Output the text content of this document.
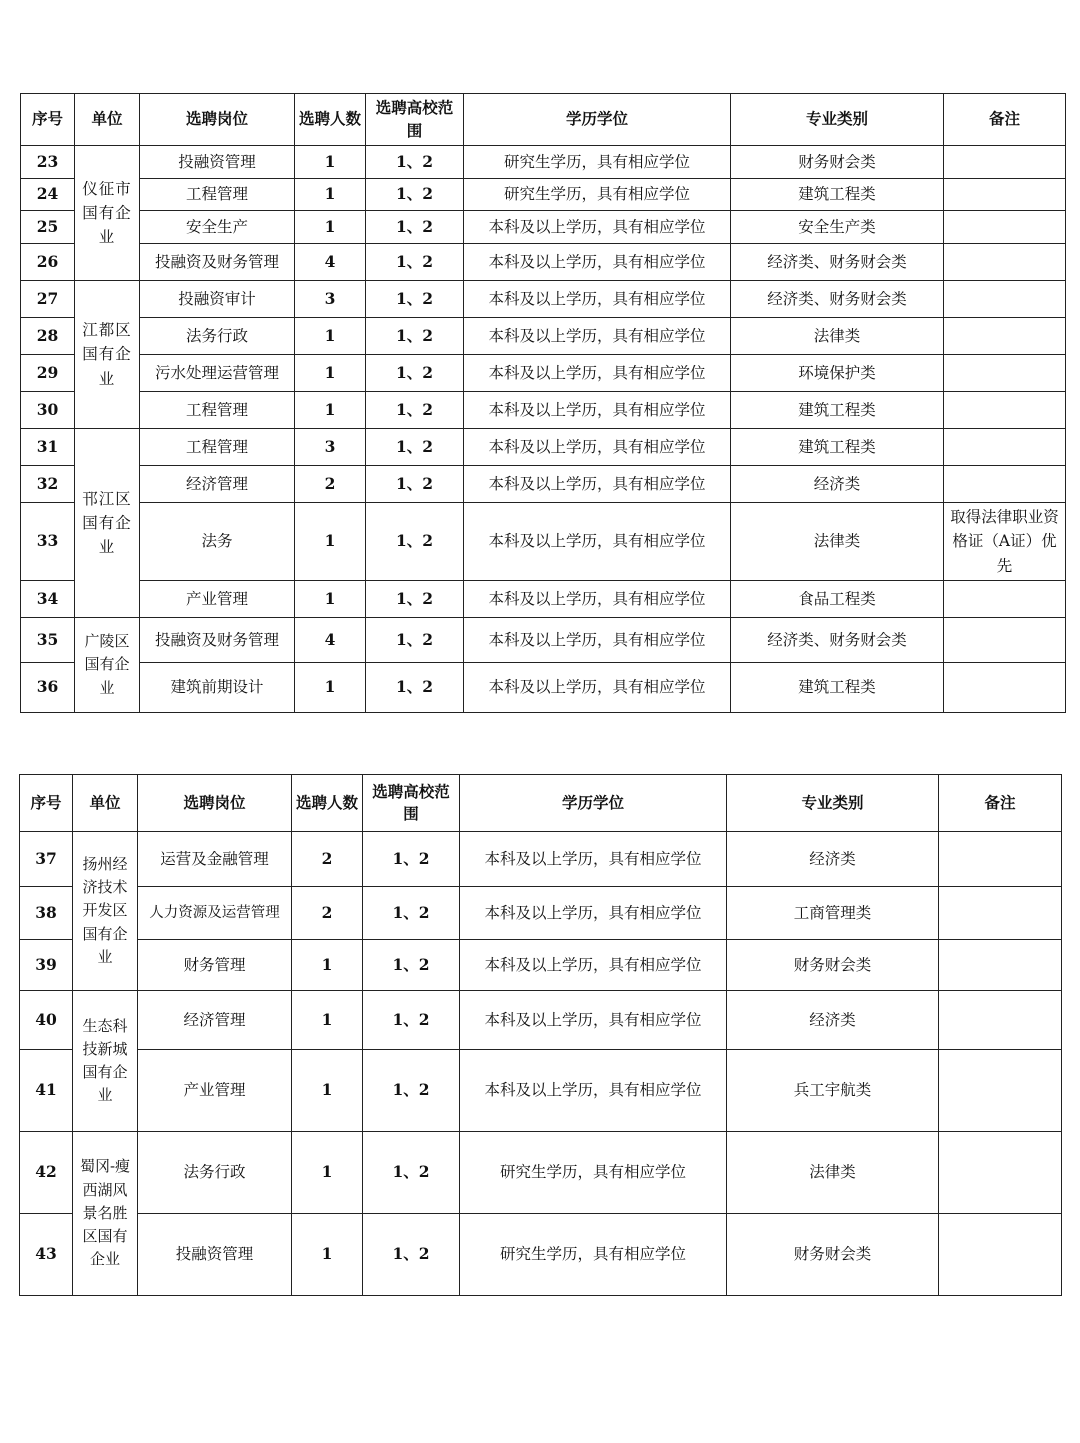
序号	单位	选聘岗位	选聘人数	选聘高校范围	学历学位	专业类别	备注
23	仪征市国有企业	投融资管理	1	1、2	研究生学历，具有相应学位	财务财会类	
24		工程管理	1	1、2	研究生学历，具有相应学位	建筑工程类	
25		安全生产	1	1、2	本科及以上学历，具有相应学位	安全生产类	
26		投融资及财务管理	4	1、2	本科及以上学历，具有相应学位	经济类、财务财会类	
27	江都区国有企业	投融资审计	3	1、2	本科及以上学历，具有相应学位	经济类、财务财会类	
28		法务行政	1	1、2	本科及以上学历，具有相应学位	法律类	
29		污水处理运营管理	1	1、2	本科及以上学历，具有相应学位	环境保护类	
30		工程管理	1	1、2	本科及以上学历，具有相应学位	建筑工程类	
31	邗江区国有企业	工程管理	3	1、2	本科及以上学历，具有相应学位	建筑工程类	
32		经济管理	2	1、2	本科及以上学历，具有相应学位	经济类	
33		法务	1	1、2	本科及以上学历，具有相应学位	法律类	取得法律职业资格证（A证）优先
34		产业管理	1	1、2	本科及以上学历，具有相应学位	食品工程类	
35	广陵区国有企业	投融资及财务管理	4	1、2	本科及以上学历，具有相应学位	经济类、财务财会类	
36		建筑前期设计	1	1、2	本科及以上学历，具有相应学位	建筑工程类	
序号	单位	选聘岗位	选聘人数	选聘高校范围	学历学位	专业类别	备注
37	扬州经济技术开发区国有企业	运营及金融管理	2	1、2	本科及以上学历，具有相应学位	经济类	
38		人力资源及运营管理	2	1、2	本科及以上学历，具有相应学位	工商管理类	
39		财务管理	1	1、2	本科及以上学历，具有相应学位	财务财会类	
40	生态科技新城国有企业	经济管理	1	1、2	本科及以上学历，具有相应学位	经济类	
41		产业管理	1	1、2	本科及以上学历，具有相应学位	兵工宇航类	
42	蜀冈-瘦西湖风景名胜区国有企业	法务行政	1	1、2	研究生学历，具有相应学位	法律类	
43		投融资管理	1	1、2	研究生学历，具有相应学位	财务财会类	
